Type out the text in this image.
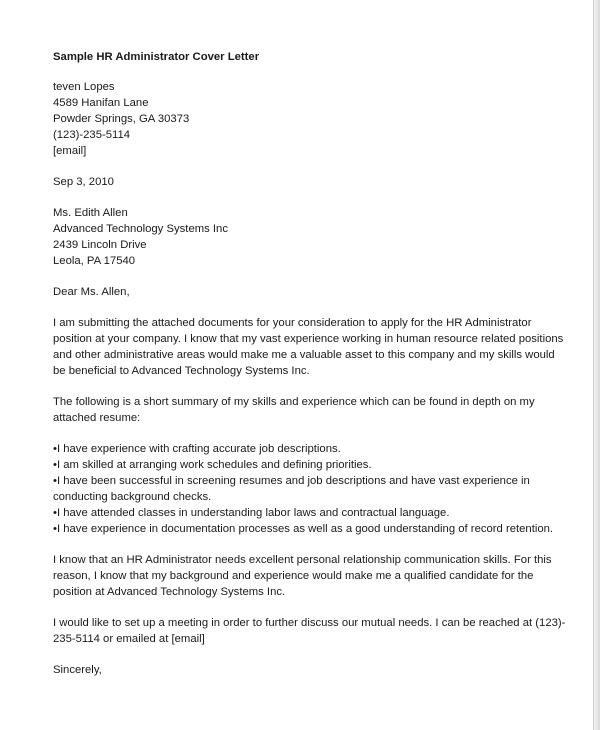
Sample HR Administrator Cover Letter
teven Lopes
4589 Hanifan Lane
Powder Springs, GA 30373
(123)-235-5114
[email]
Sep 3, 2010
Ms. Edith Allen
Advanced Technology Systems Inc
2439 Lincoln Drive
Leola, PA 17540
Dear Ms. Allen,

I am submitting the attached documents for your consideration to apply for the HR Administrator
position at your company. I know that my vast experience working in human resource related positions
and other administrative areas would make me a valuable asset to this company and my skills would
be beneficial to Advanced Technology Systems Inc.

The following is a short summary of my skills and experience which can be found in depth on my
attached resume:

•I have experience with crafting accurate job descriptions.
•I am skilled at arranging work schedules and defining priorities.
•I have been successful in screening resumes and job descriptions and have vast experience in
conducting background checks.
•I have attended classes in understanding labor laws and contractual language.
•I have experience in documentation processes as well as a good understanding of record retention.

I know that an HR Administrator needs excellent personal relationship communication skills. For this
reason, I know that my background and experience would make me a qualified candidate for the
position at Advanced Technology Systems Inc.

I would like to set up a meeting in order to further discuss our mutual needs. I can be reached at (123)-
235-5114 or emailed at [email]

Sincerely,
